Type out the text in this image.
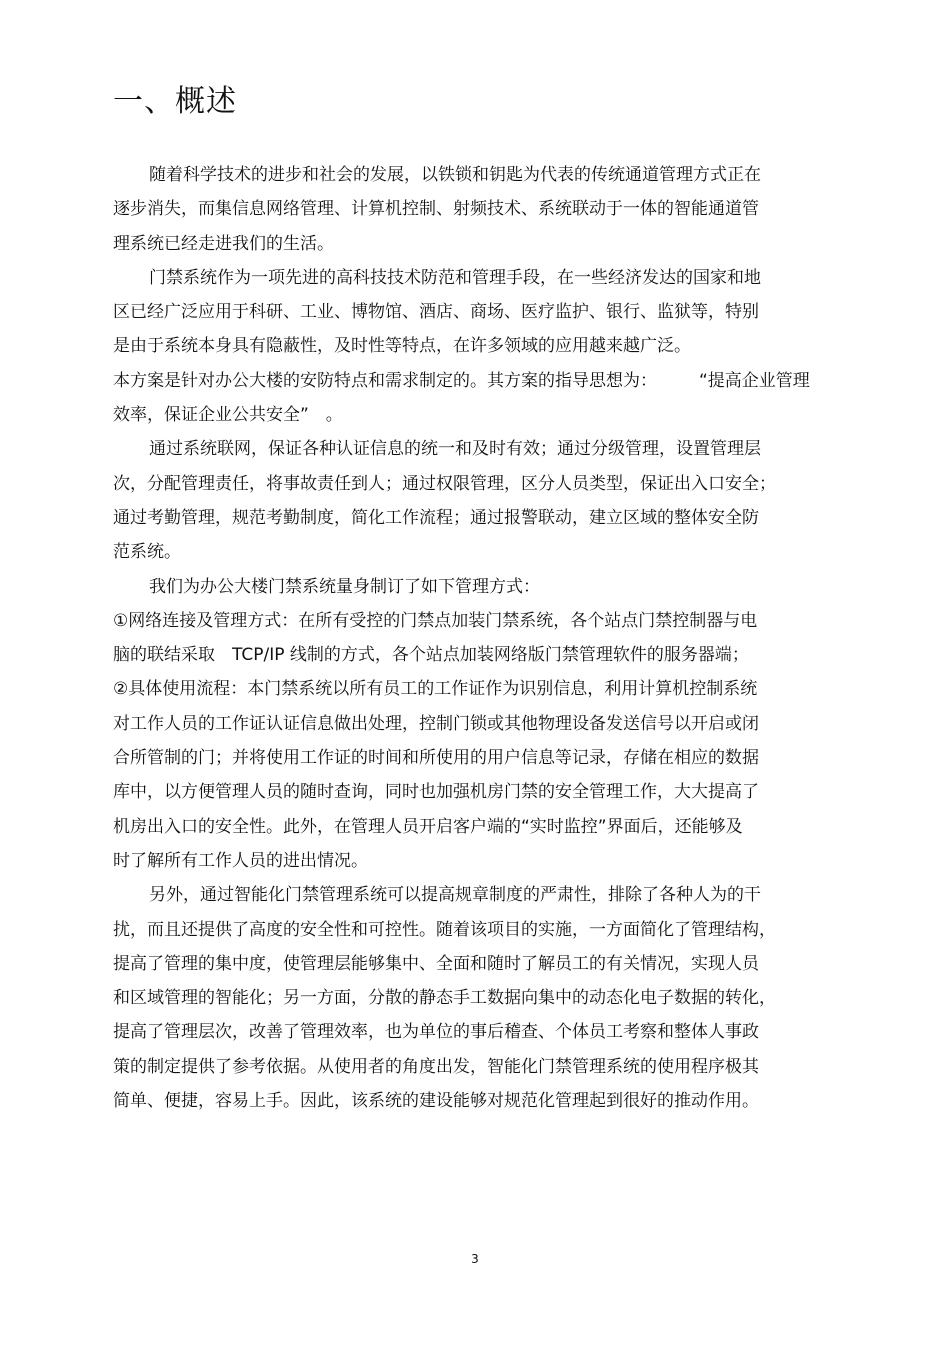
一、概述
随着科学技术的进步和社会的发展，以铁锁和钥匙为代表的传统通道管理方式正在
逐步消失，而集信息网络管理、计算机控制、射频技术、系统联动于一体的智能通道管
理系统已经走进我们的生活。
门禁系统作为一项先进的高科技技术防范和管理手段，在一些经济发达的国家和地
区已经广泛应用于科研、工业、博物馆、酒店、商场、医疗监护、银行、监狱等，特别
是由于系统本身具有隐蔽性，及时性等特点，在许多领域的应用越来越广泛。
本方案是针对办公大楼的安防特点和需求制定的。其方案的指导思想为： “提高企业管理
效率，保证企业公共安全”　。
通过系统联网，保证各种认证信息的统一和及时有效；通过分级管理，设置管理层
次，分配管理责任，将事故责任到人；通过权限管理，区分人员类型，保证出入口安全；
通过考勤管理，规范考勤制度，简化工作流程；通过报警联动，建立区域的整体安全防
范系统。
我们为办公大楼门禁系统量身制订了如下管理方式：
①网络连接及管理方式：在所有受控的门禁点加装门禁系统，各个站点门禁控制器与电
脑的联结采取　TCP/IP 线制的方式，各个站点加装网络版门禁管理软件的服务器端；
②具体使用流程：本门禁系统以所有员工的工作证作为识别信息，利用计算机控制系统
对工作人员的工作证认证信息做出处理，控制门锁或其他物理设备发送信号以开启或闭
合所管制的门；并将使用工作证的时间和所使用的用户信息等记录，存储在相应的数据
库中，以方便管理人员的随时查询，同时也加强机房门禁的安全管理工作，大大提高了
机房出入口的安全性。此外，在管理人员开启客户端的“实时监控”界面后，还能够及
时了解所有工作人员的进出情况。
另外，通过智能化门禁管理系统可以提高规章制度的严肃性，排除了各种人为的干
扰，而且还提供了高度的安全性和可控性。随着该项目的实施，一方面简化了管理结构，
提高了管理的集中度，使管理层能够集中、全面和随时了解员工的有关情况，实现人员
和区域管理的智能化；另一方面，分散的静态手工数据向集中的动态化电子数据的转化，
提高了管理层次，改善了管理效率，也为单位的事后稽查、个体员工考察和整体人事政
策的制定提供了参考依据。从使用者的角度出发，智能化门禁管理系统的使用程序极其
简单、便捷，容易上手。因此，该系统的建设能够对规范化管理起到很好的推动作用。
3
